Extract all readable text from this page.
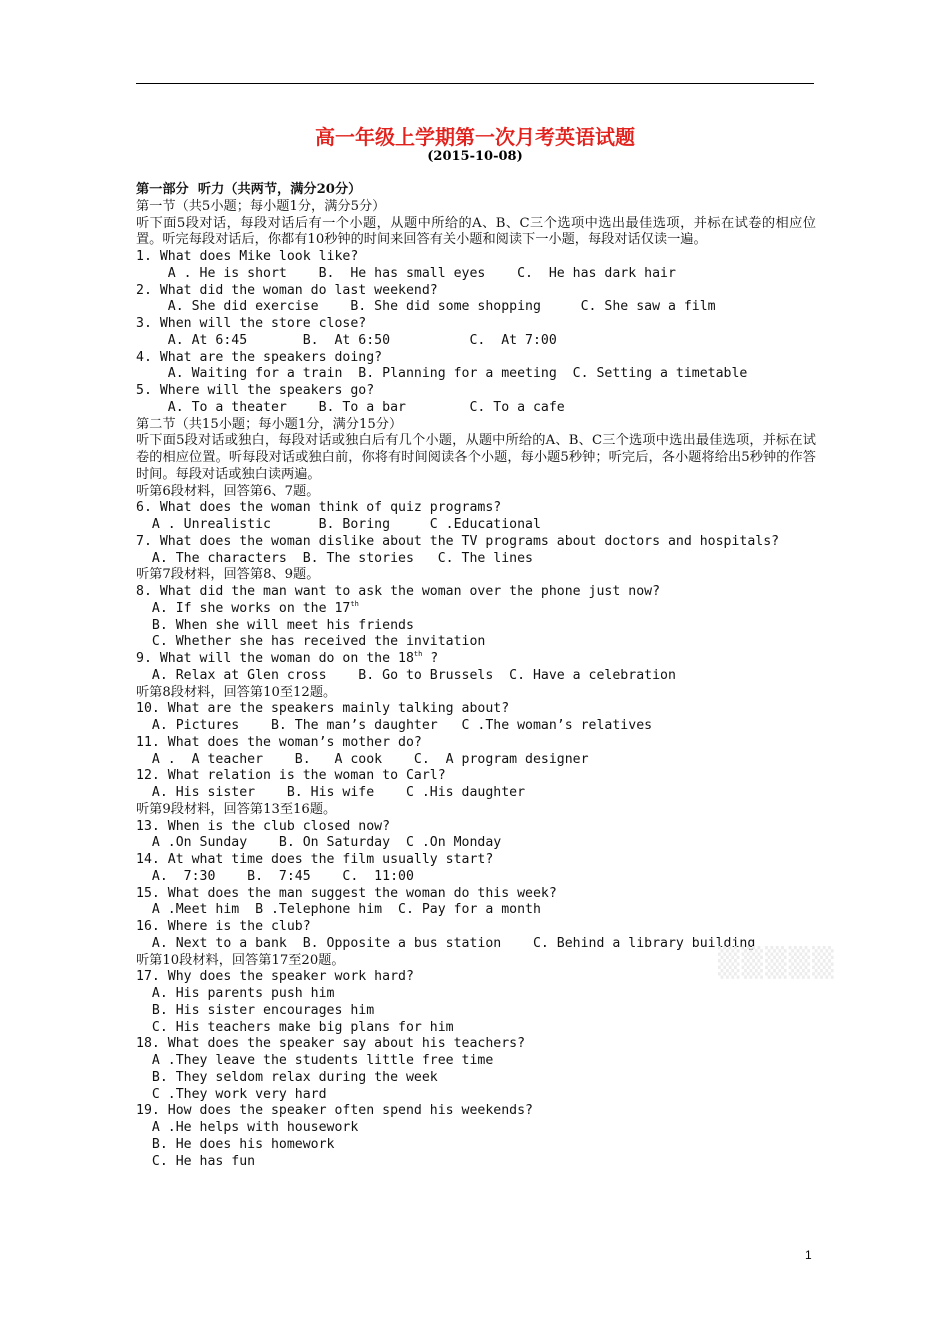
高一年级上学期第一次月考英语试题
(2015-10-08)
第一部分  听力（共两节，满分20分）
第一节（共5小题；每小题1分，满分5分）
听下面5段对话，每段对话后有一个小题，从题中所给的A、B、C三个选项中选出最佳选项，并标在试卷的相应位置。听完每段对话后，你都有10秒钟的时间来回答有关小题和阅读下一小题，每段对话仅读一遍。
1. What does Mike look like?
A . He is short    B.  He has small eyes    C.  He has dark hair
2. What did the woman do last weekend?
A. She did exercise    B. She did some shopping     C. She saw a film
3. When will the store close?
A. At 6:45       B.  At 6:50          C.  At 7:00
4. What are the speakers doing?
A. Waiting for a train  B. Planning for a meeting  C. Setting a timetable
5. Where will the speakers go?
A. To a theater    B. To a bar        C. To a cafe
第二节（共15小题；每小题1分，满分15分）
听下面5段对话或独白，每段对话或独白后有几个小题，从题中所给的A、B、C三个选项中选出最佳选项，并标在试卷的相应位置。听每段对话或独白前，你将有时间阅读各个小题，每小题5秒钟；听完后，各小题将给出5秒钟的作答时间。每段对话或独白读两遍。
听第6段材料，回答第6、7题。
6. What does the woman think of quiz programs?
A . Unrealistic      B. Boring     C .Educational
7. What does the woman dislike about the TV programs about doctors and hospitals?
A. The characters  B. The stories   C. The lines
听第7段材料，回答第8、9题。
8. What did the man want to ask the woman over the phone just now?
A. If she works on the 17th
B. When she will meet his friends
C. Whether she has received the invitation
9. What will the woman do on the 18th ?
A. Relax at Glen cross    B. Go to Brussels  C. Have a celebration
听第8段材料，回答第10至12题。
10. What are the speakers mainly talking about?
A. Pictures    B. The man’s daughter   C .The woman’s relatives
11. What does the woman’s mother do?
A .  A teacher    B.   A cook    C.  A program designer
12. What relation is the woman to Carl?
A. His sister    B. His wife    C .His daughter
听第9段材料，回答第13至16题。
13. When is the club closed now?
A .On Sunday    B. On Saturday  C .On Monday
14. At what time does the film usually start?
A.  7:30    B.  7:45    C.  11:00
15. What does the man suggest the woman do this week?
A .Meet him  B .Telephone him  C. Pay for a month
16. Where is the club?
A. Next to a bank  B. Opposite a bus station    C. Behind a library building
听第10段材料，回答第17至20题。
17. Why does the speaker work hard?
A. His parents push him
B. His sister encourages him
C. His teachers make big plans for him
18. What does the speaker say about his teachers?
A .They leave the students little free time
B. They seldom relax during the week
C .They work very hard
19. How does the speaker often spend his weekends?
A .He helps with housework
B. He does his homework
C. He has fun
▒▒▒▒▒
1
